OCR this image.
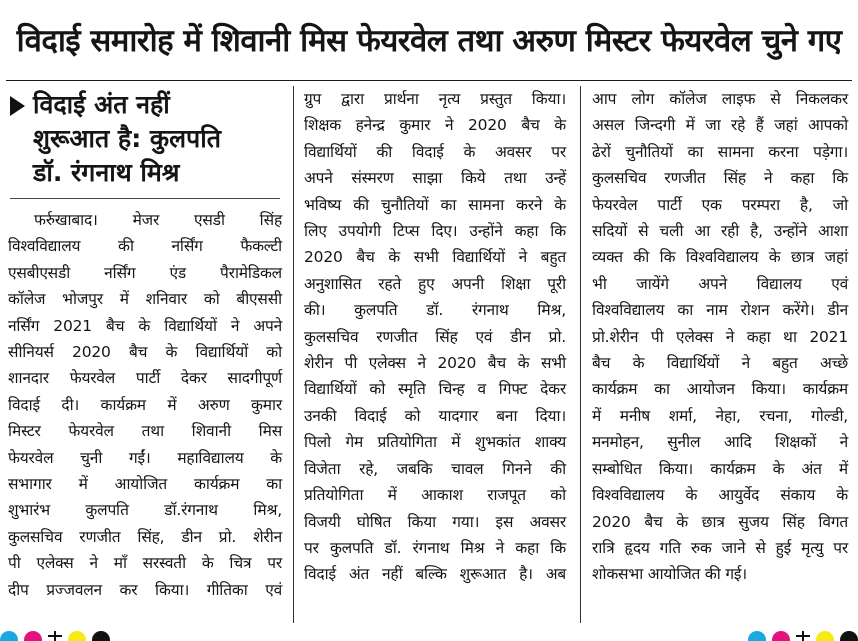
विदाई समारोह में शिवानी मिस फेयरवेल तथा अरुण मिस्टर फेयरवेल चुने गए
विदाई अंत नहीं
शुरूआत है: कुलपति
डॉ. रंगनाथ मिश्र
फर्रुखाबाद। मेजर एसडी सिंह
विश्वविद्यालय की नर्सिंग फैकल्टी
एसबीएसडी नर्सिंग एंड पैरामेडिकल
कॉलेज भोजपुर में शनिवार को बीएससी
नर्सिंग 2021 बैच के विद्यार्थियों ने अपने
सीनियर्स 2020 बैच के विद्यार्थियों को
शानदार फेयरवेल पार्टी देकर सादगीपूर्ण
विदाई दी। कार्यक्रम में अरुण कुमार
मिस्टर फेयरवेल तथा शिवानी मिस
फेयरवेल चुनी गईं। महाविद्यालय के
सभागार में आयोजित कार्यक्रम का
शुभारंभ कुलपति डॉ.रंगनाथ मिश्र,
कुलसचिव रणजीत सिंह, डीन प्रो. शेरीन
पी एलेक्स ने माँ सरस्वती के चित्र पर
दीप प्रज्जवलन कर किया। गीतिका एवं
ग्रुप द्वारा प्रार्थना नृत्य प्रस्तुत किया।
शिक्षक हनेन्द्र कुमार ने 2020 बैच के
विद्यार्थियों की विदाई के अवसर पर
अपने संस्मरण साझा किये तथा उन्हें
भविष्य की चुनौतियों का सामना करने के
लिए उपयोगी टिप्स दिए। उन्होंने कहा कि
2020 बैच के सभी विद्यार्थियों ने बहुत
अनुशासित रहते हुए अपनी शिक्षा पूरी
की। कुलपति डॉ. रंगनाथ मिश्र,
कुलसचिव रणजीत सिंह एवं डीन प्रो.
शेरीन पी एलेक्स ने 2020 बैच के सभी
विद्यार्थियों को स्मृति चिन्ह व गिफ्ट देकर
उनकी विदाई को यादगार बना दिया।
पिलो गेम प्रतियोगिता में शुभकांत शाक्य
विजेता रहे, जबकि चावल गिनने की
प्रतियोगिता में आकाश राजपूत को
विजयी घोषित किया गया। इस अवसर
पर कुलपति डॉ. रंगनाथ मिश्र ने कहा कि
विदाई अंत नहीं बल्कि शुरूआत है। अब
आप लोग कॉलेज लाइफ से निकलकर
असल जिन्दगी में जा रहे हैं जहां आपको
ढेरों चुनौतियों का सामना करना पड़ेगा।
कुलसचिव रणजीत सिंह ने कहा कि
फेयरवेल पार्टी एक परम्परा है, जो
सदियों से चली आ रही है, उन्होंने आशा
व्यक्त की कि विश्वविद्यालय के छात्र जहां
भी जायेंगे अपने विद्यालय एवं
विश्वविद्यालय का नाम रोशन करेंगे। डीन
प्रो.शेरीन पी एलेक्स ने कहा था 2021
बैच के विद्यार्थियों ने बहुत अच्छे
कार्यक्रम का आयोजन किया। कार्यक्रम
में मनीष शर्मा, नेहा, रचना, गोल्डी,
मनमोहन, सुनील आदि शिक्षकों ने
सम्बोधित किया। कार्यक्रम के अंत में
विश्वविद्यालय के आयुर्वेद संकाय के
2020 बैच के छात्र सुजय सिंह विगत
रात्रि हृदय गति रुक जाने से हुई मृत्यु पर
शोकसभा आयोजित की गई।
